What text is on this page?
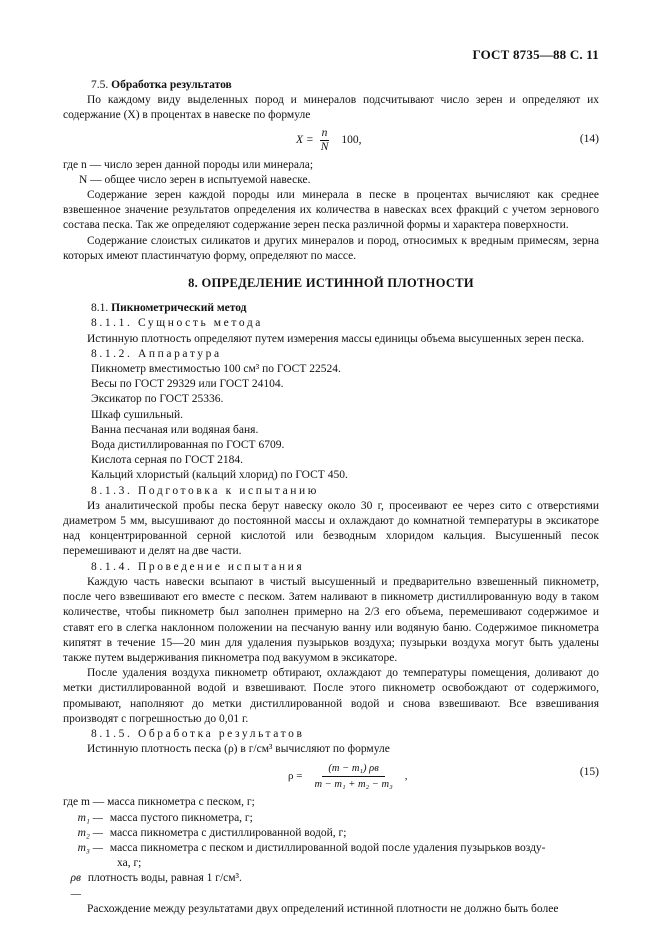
ГОСТ 8735—88 С. 11

7.5. Обработка результатов

По каждому виду выделенных пород и минералов подсчитывают число зерен и определяют их содержание (X) в процентах в навеске по формуле

$X = \frac{n}{N} 100$,	(14)

где n — число зерен данной породы или минерала;

N — общее число зерен в испытуемой навеске.

Содержание зерен каждой породы или минерала в песке в процентах вычисляют как среднее взвешенное значение результатов определения их количества в навесках всех фракций с учетом зернового состава песка. Так же определяют содержание зерен песка различной формы и характера поверхности.

Содержание слоистых силикатов и других минералов и пород, относимых к вредным примесям, зерна которых имеют пластинчатую форму, определяют по массе.

8. ОПРЕДЕЛЕНИЕ ИСТИННОЙ ПЛОТНОСТИ

8.1. Пикнометрический метод

8.1.1. Сущность метода

Истинную плотность определяют путем измерения массы единицы объема высушенных зерен песка.

8.1.2. Аппаратура

Пикнометр вместимостью 100 см³ по ГОСТ 22524.

Весы по ГОСТ 29329 или ГОСТ 24104.

Эксикатор по ГОСТ 25336.

Шкаф сушильный.

Ванна песчаная или водяная баня.

Вода дистиллированная по ГОСТ 6709.

Кислота серная по ГОСТ 2184.

Кальций хлористый (кальций хлорид) по ГОСТ 450.

8.1.3. Подготовка к испытанию

Из аналитической пробы песка берут навеску около 30 г, просеивают ее через сито с отверстиями диаметром 5 мм, высушивают до постоянной массы и охлаждают до комнатной температуры в эксикаторе над концентрированной серной кислотой или безводным хлоридом кальция. Высушенный песок перемешивают и делят на две части.

8.1.4. Проведение испытания

Каждую часть навески всыпают в чистый высушенный и предварительно взвешенный пикнометр, после чего взвешивают его вместе с песком. Затем наливают в пикнометр дистиллированную воду в таком количестве, чтобы пикнометр был заполнен примерно на 2/3 его объема, перемешивают содержимое и ставят его в слегка наклонном положении на песчаную ванну или водяную баню. Содержимое пикнометра кипятят в течение 15—20 мин для удаления пузырьков воздуха; пузырьки воздуха могут быть удалены также путем выдерживания пикнометра под вакуумом в эксикаторе.

После удаления воздуха пикнометр обтирают, охлаждают до температуры помещения, доливают до метки дистиллированной водой и взвешивают. После этого пикнометр освобождают от содержимого, промывают, наполняют до метки дистиллированной водой и снова взвешивают. Все взвешивания производят с погрешностью до 0,01 г.

8.1.5. Обработка результатов

Истинную плотность песка (ρ) в г/см³ вычисляют по формуле

$\rho = \frac{\text{(m − m₁) ρв}}{\text{m − m₁ + m₂ − m₃}}$ ,	(15)
где m —
масса пикнометра с песком, г;
m₁ —
масса пустого пикнометра, г;
m₂ —
масса пикнометра с дистиллированной водой, г;
m₃ —
масса пикнометра с песком и дистиллированной водой после удаления пузырьков возду-

ха, г;

ρв —

плотность воды, равная 1 г/см³.

Расхождение между результатами двух определений истинной плотности не должно быть более
